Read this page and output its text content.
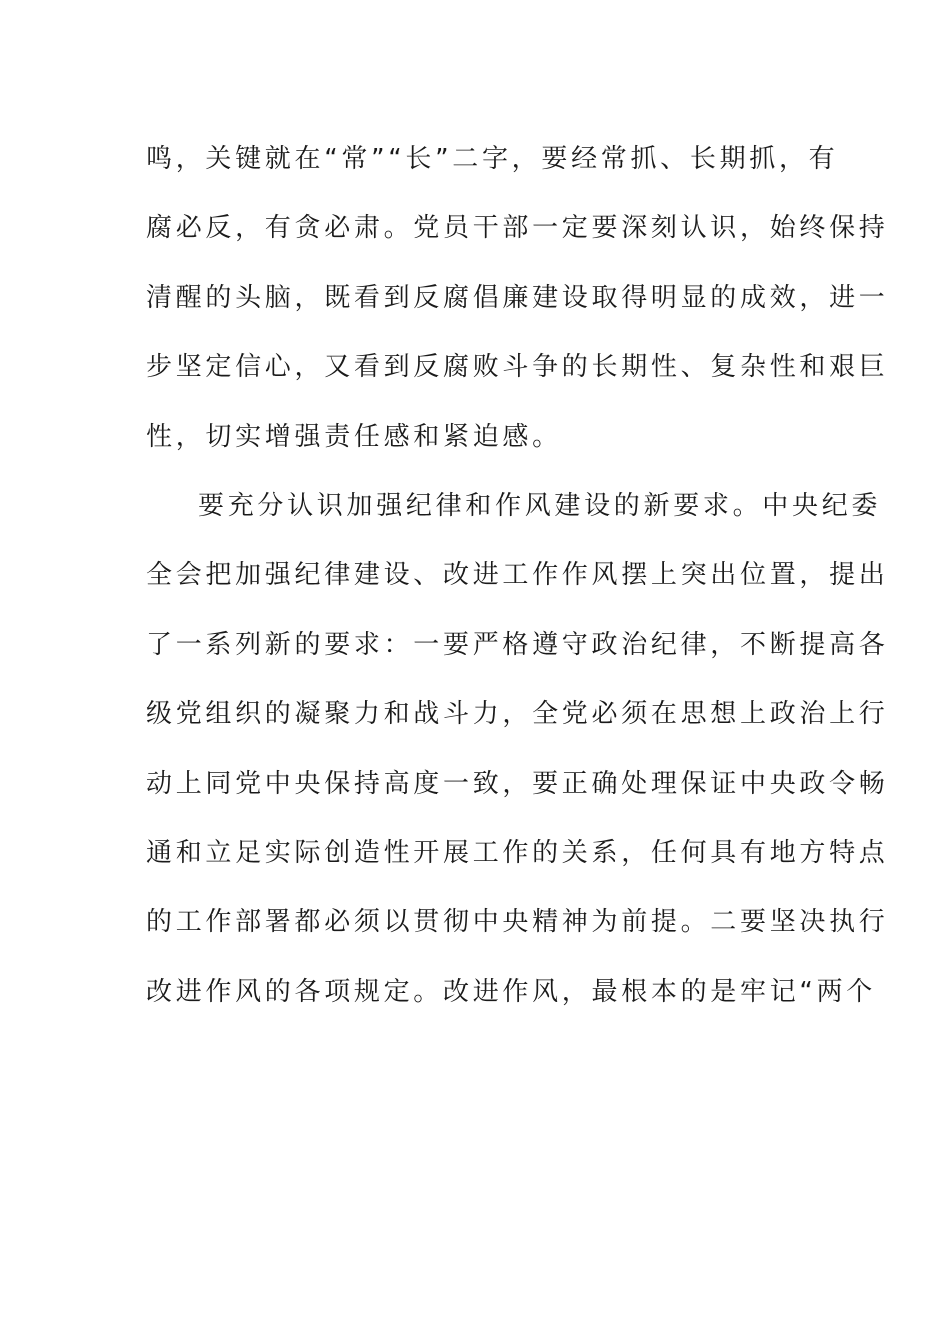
鸣，关键就在“常”“长”二字，要经常抓、长期抓，有
腐必反，有贪必肃。党员干部一定要深刻认识，始终保持
清醒的头脑，既看到反腐倡廉建设取得明显的成效，进一
步坚定信心，又看到反腐败斗争的长期性、复杂性和艰巨
性，切实增强责任感和紧迫感。
要充分认识加强纪律和作风建设的新要求。中央纪委
全会把加强纪律建设、改进工作作风摆上突出位置，提出
了一系列新的要求：一要严格遵守政治纪律，不断提高各
级党组织的凝聚力和战斗力，全党必须在思想上政治上行
动上同党中央保持高度一致，要正确处理保证中央政令畅
通和立足实际创造性开展工作的关系，任何具有地方特点
的工作部署都必须以贯彻中央精神为前提。二要坚决执行
改进作风的各项规定。改进作风，最根本的是牢记“两个
